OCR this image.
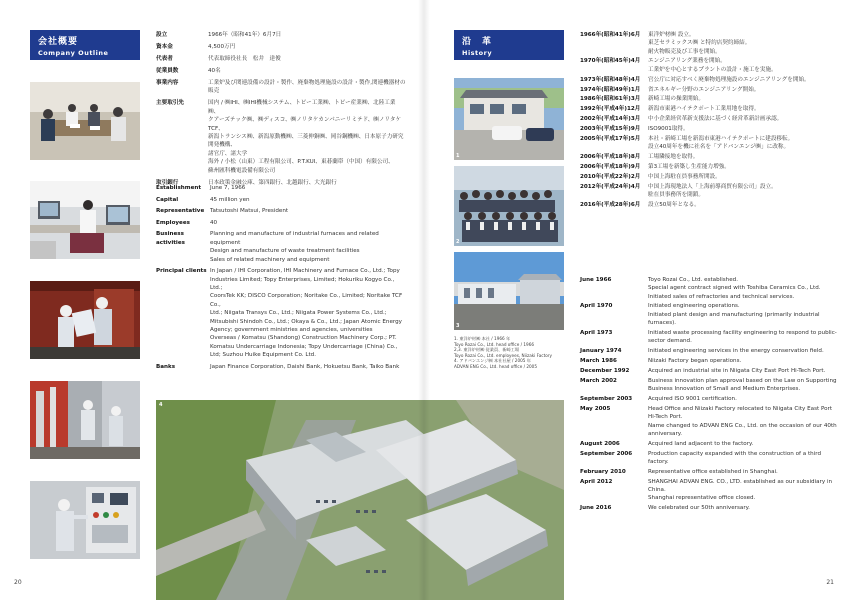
会社概要
Company Outline
設立	1966年（昭和41年）6月7日
資本金	4,500万円
代表者	代表取締役社長　松井　達俊
従業員数	40名
事業内容	工業炉及び関連設備の設計・製作、廃棄物処理施設の設計・製作,関連機器材の販売
主要取引先	国内 / ㈱IHI、㈱IHI機械システム、トピー工業㈱、トピー産業㈱、北陸工業㈱、
クアーズテック㈱、㈱ディスコ、㈱ノリタケカンパニーリミテド、㈱ノリタケTCF、
新潟トランシス㈱、新潟原動機㈱、三菱伸銅㈱、岡谷鋼機㈱、日本原子力研究開発機構、
諸官庁、諸大学
海外 / 小松（山東）工程有限公司、P.T.KUI、東碁蘭帯（中国）有限公司、
蘇州匯科機電設備有限公司
取引銀行	日本政策金融公庫、第四銀行、北越銀行、大光銀行
Establishment	June 7, 1966
Capital	45 million yen
Representative	Tatsutoshi Matsui, President
Employees	40
Business activities
Planning and manufacture of industrial furnaces and related equipment
Design and manufacture of waste treatment facilities
Sales of related machinery and equipment
Principal clients In Japan / IHI Corporation, IHI Machinery and Furnace Co., Ltd.; Topy
Industries Limited; Topy Enterprises, Limited; Hokuriku Kogyo Co., Ltd.;
CoorsTek KK; DISCO Corporation; Noritake Co., Limited; Noritake TCF Co.,
Ltd.; Niigata Transys Co., Ltd.; Niigata Power Systems Co., Ltd.;
Mitsubishi Shindoh Co., Ltd.; Okaya & Co., Ltd.; Japan Atomic Energy
Agency; government ministries and agencies, universities
Overseas / Komatsu (Shandong) Construction Machinery Corp.; PT.
Komatsu Undercarriage Indonesia; Topy Undercarriage (China) Co.,
Ltd; Suzhou Huike Equipment Co. Ltd.
Banks	Japan Finance Corporation, Daishi Bank, Hokuetsu Bank, Taiko Bank
20
沿　革
History
1
2
3
1. 東洋炉材㈱ 本社 / 1966 年
Toyo Rozai Co., Ltd. head office / 1966
2,3. 東洋炉材㈱ 従業員、新崎工場
Toyo Rozai Co., Ltd. employees, Niizaki Factory
4. アドバンエンジ㈱ 本社社屋 / 2005 年
ADVAN ENG Co., Ltd. head office / 2005
1966年(昭和41年)6月	東洋炉材㈱ 設立。
東芝セラミックス㈱ と特約店契約締結。
耐火物販売及び工事を開始。
1970年(昭和45年)4月	エンジニアリング業務を開始。
工業炉を中心とするプラントの設計・施工を実施。
1973年(昭和48年)4月	官公庁に対応すべく廃棄物処理施設のエンジニアリングを開始。
1974年(昭和49年)1月	省エネルギー分野のエンジニアリング開始。
1986年(昭和61年)3月	新崎工場の操業開始。
1992年(平成4年)12月	新潟市東港ハイテクポート工業用地を取得。
2002年(平成14年)3月	中小企業経営革新支援法に基づく経営革新計画承認。
2003年(平成15年)9月	ISO9001取得。
2005年(平成17年)5月	本社・新崎工場を新潟市東港ハイテクポートに建設移転。
設立40周年を機に社名を「アドバンエンジ㈱」に改称。
2006年(平成18年)8月	工場隣接地を取得。
2006年(平成18年)9月	第3工場を新築し生産能力増強。
2010年(平成22年)2月	中国上海駐在員事務所開設。
2012年(平成24年)4月	中国上海現地法人「上海前導商貿有限公司」設立。
駐在員事務所を閉鎖。
2016年(平成28年)6月	設立50周年となる。
June 1966	Toyo Rozai Co., Ltd. established.
Special agent contract signed with Toshiba Ceramics Co., Ltd.
Initiated sales of refractories and technical services.
April 1970	Initiated engineering operations.
Initiated plant design and manufacturing (primarily industrial furnaces).
April 1973	Initiated waste processing facility engineering to respond to public-
sector demand.
January 1974	Initiated engineering services in the energy conservation field.
March 1986	Niizaki Factory began operations.
December 1992	Acquired an industrial site in Niigata City East Port Hi-Tech Port.
March 2002	Business innovation plan approval based on the Law on Supporting
Business Innovation of Small and Medium Enterprises.
September 2003	Acquired ISO 9001 certification.
May 2005	Head Office and Niizaki Factory relocated to Niigata City East Port
Hi-Tech Port.
Name changed to ADVAN ENG Co., Ltd. on the occasion of our 40th
anniversary.
August 2006	Acquired land adjacent to the factory.
September 2006	Production capacity expanded with the construction of a third factory.
February 2010	Representative office established in Shanghai.
April 2012	SHANGHAI ADVAN ENG. CO., LTD. established as our subsidiary in China.
Shanghai representative office closed.
June 2016	We celebrated our 50th anniversary.
21
4
